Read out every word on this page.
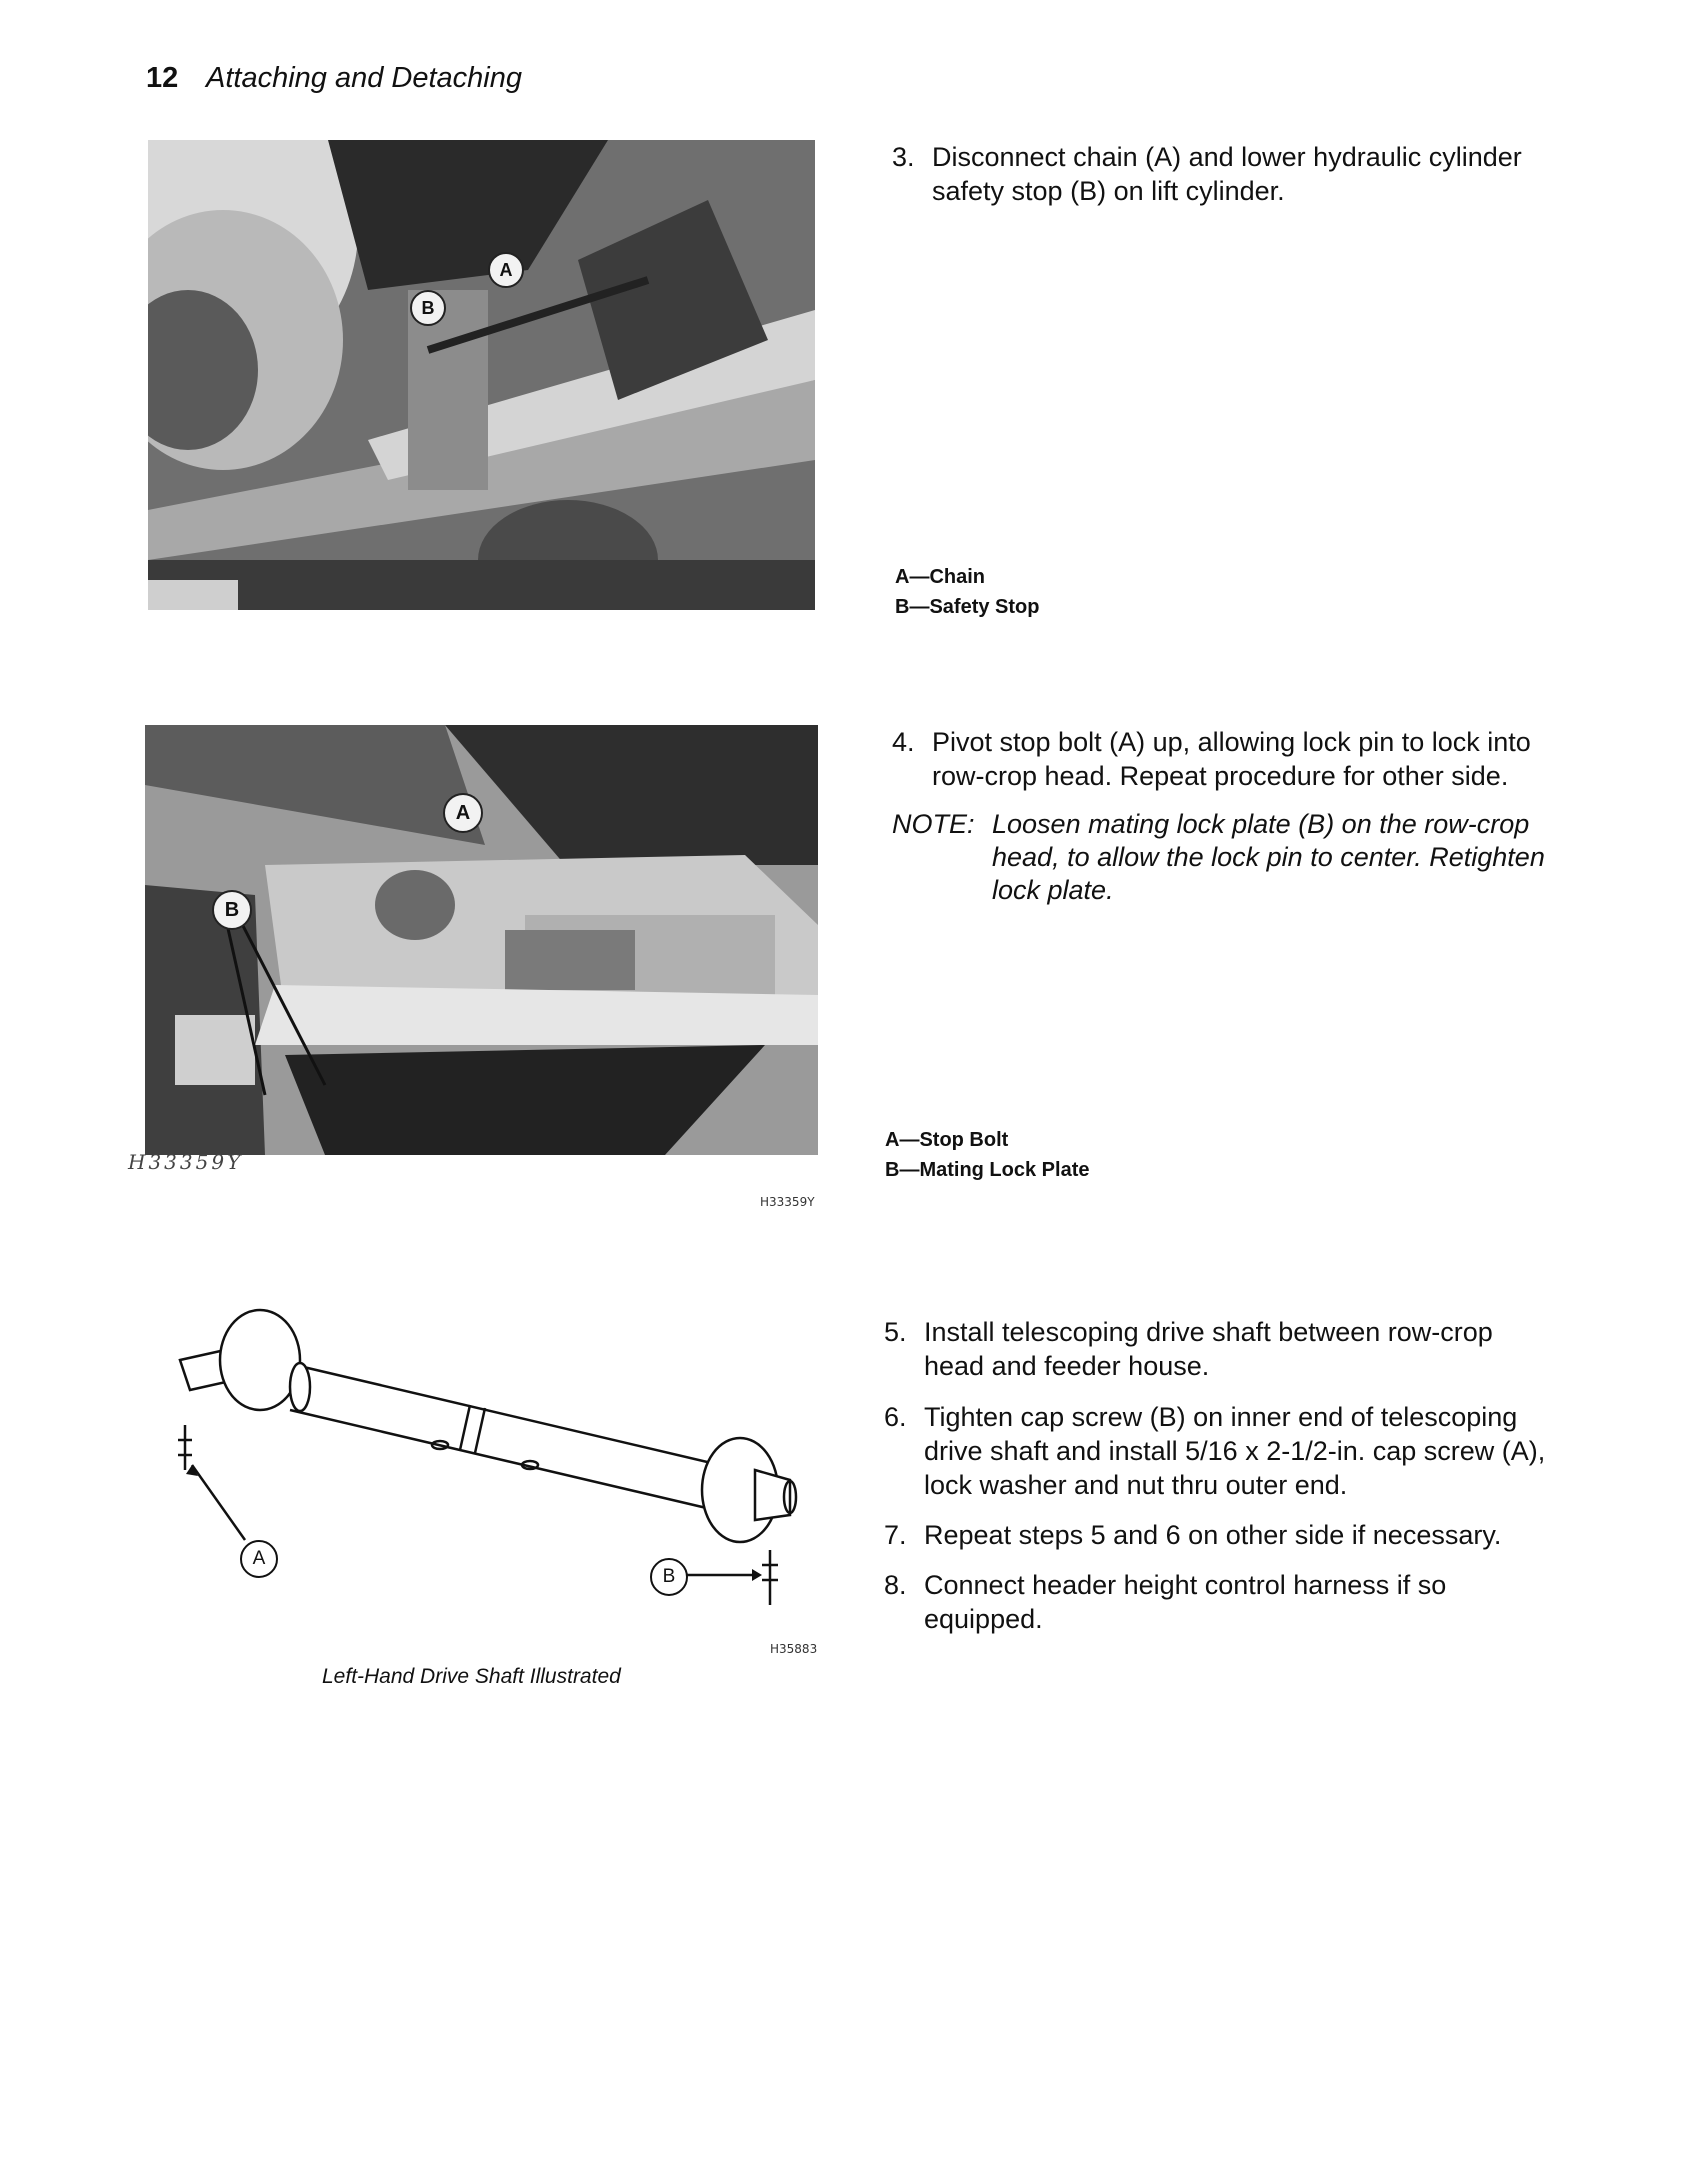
12 Attaching and Detaching
A
B
3. Disconnect chain (A) and lower hydraulic cylinder safety stop (B) on lift cylinder.
A—Chain
B—Safety Stop
A
B
H33359Y
H33359Y
4. Pivot stop bolt (A) up, allowing lock pin to lock into row-crop head. Repeat procedure for other side.
NOTE: Loosen mating lock plate (B) on the row-crop head, to allow the lock pin to center. Retighten lock plate.
A—Stop Bolt
B—Mating Lock Plate
A
B
H35883
Left-Hand Drive Shaft Illustrated
5. Install telescoping drive shaft between row-crop head and feeder house.
6. Tighten cap screw (B) on inner end of telescoping drive shaft and install 5/16 x 2-1/2-in. cap screw (A), lock washer and nut thru outer end.
7. Repeat steps 5 and 6 on other side if necessary.
8. Connect header height control harness if so equipped.
